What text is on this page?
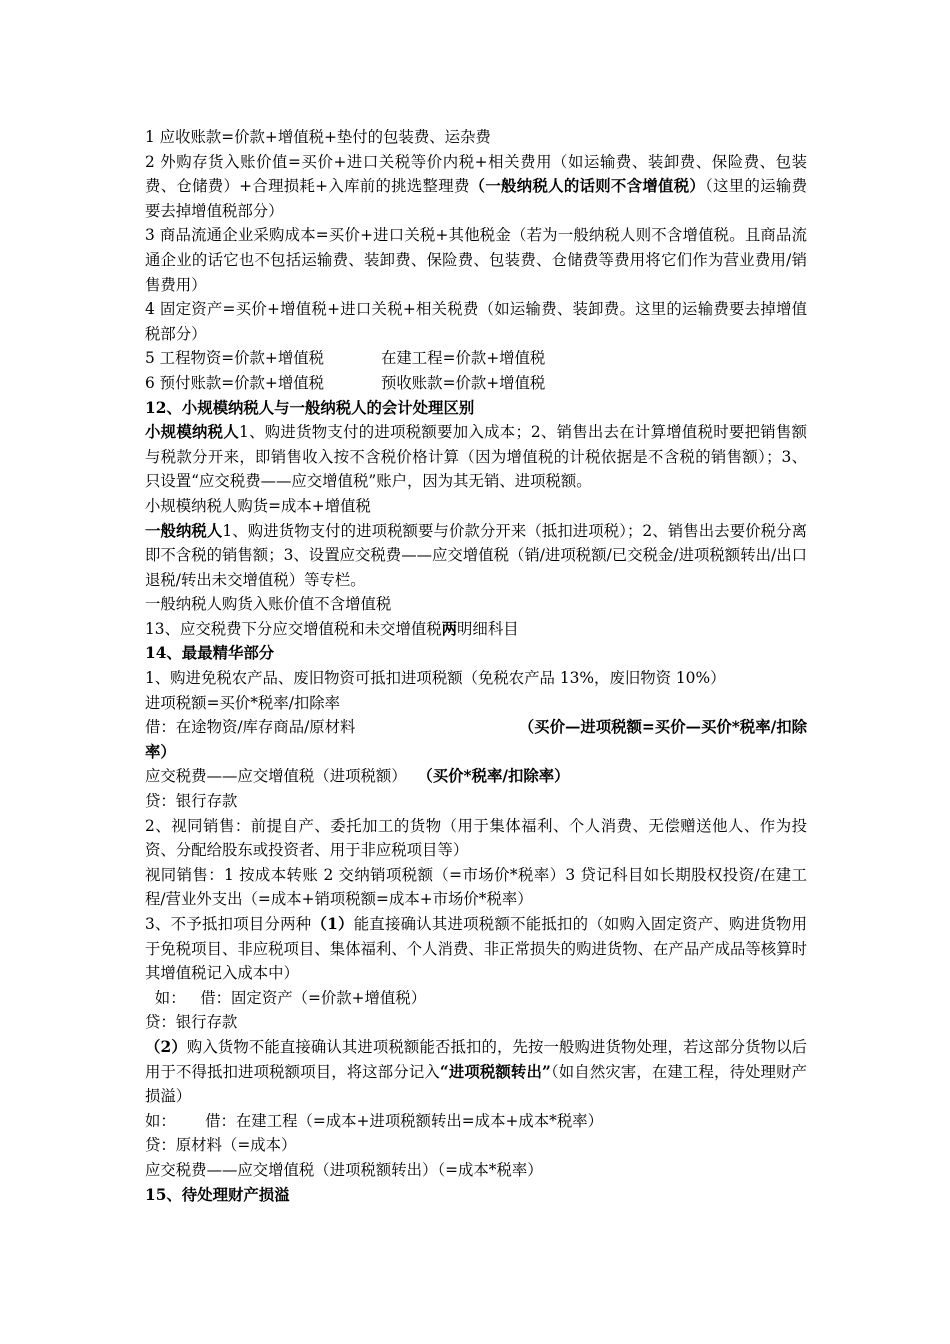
1 应收账款=价款+增值税+垫付的包装费、运杂费

2 外购存货入账价值=买价+进口关税等价内税+相关费用（如运输费、装卸费、保险费、包装费、仓储费）+合理损耗+入库前的挑选整理费（一般纳税人的话则不含增值税）（这里的运输费要去掉增值税部分）

3 商品流通企业采购成本=买价+进口关税+其他税金（若为一般纳税人则不含增值税。且商品流通企业的话它也不包括运输费、装卸费、保险费、包装费、仓储费等费用将它们作为营业费用/销售费用）

4 固定资产=买价+增值税+进口关税+相关税费（如运输费、装卸费。这里的运输费要去掉增值税部分）

5 工程物资=价款+增值税	在建工程=价款+增值税
6 预付账款=价款+增值税	预收账款=价款+增值税

12、小规模纳税人与一般纳税人的会计处理区别

小规模纳税人1、购进货物支付的进项税额要加入成本；2、销售出去在计算增值税时要把销售额与税款分开来，即销售收入按不含税价格计算（因为增值税的计税依据是不含税的销售额）；3、只设置“应交税费——应交增值税”账户，因为其无销、进项税额。

小规模纳税人购货=成本+增值税

一般纳税人1、购进货物支付的进项税额要与价款分开来（抵扣进项税）；2、销售出去要价税分离即不含税的销售额；3、设置应交税费——应交增值税（销/进项税额/已交税金/进项税额转出/出口退税/转出未交增值税）等专栏。

一般纳税人购货入账价值不含增值税

13、应交税费下分应交增值税和未交增值税两明细科目

14、最最精华部分

1、购进免税农产品、废旧物资可抵扣进项税额（免税农产品 13%，废旧物资 10%）

进项税额=买价*税率/扣除率

借：在途物资/库存商品/原材料	（买价—进项税额=买价—买价*税率/扣除

率）

应交税费——应交增值税（进项税额） （买价*税率/扣除率）

贷：银行存款

2、视同销售：前提自产、委托加工的货物（用于集体福利、个人消费、无偿赠送他人、作为投资、分配给股东或投资者、用于非应税项目等）

视同销售：1 按成本转账 2 交纳销项税额（=市场价*税率）3 贷记科目如长期股权投资/在建工程/营业外支出（=成本+销项税额=成本+市场价*税率）

3、不予抵扣项目分两种（1）能直接确认其进项税额不能抵扣的（如购入固定资产、购进货物用于免税项目、非应税项目、集体福利、个人消费、非正常损失的购进货物、在产品产成品等核算时其增值税记入成本中）

如：   借：固定资产（=价款+增值税）

贷：银行存款

（2）购入货物不能直接确认其进项税额能否抵扣的，先按一般购进货物处理，若这部分货物以后用于不得抵扣进项税额项目，将这部分记入“进项税额转出”（如自然灾害，在建工程，待处理财产损溢）

如：      借：在建工程（=成本+进项税额转出=成本+成本*税率）

贷：原材料（=成本）

应交税费——应交增值税（进项税额转出）（=成本*税率）

15、待处理财产损溢
